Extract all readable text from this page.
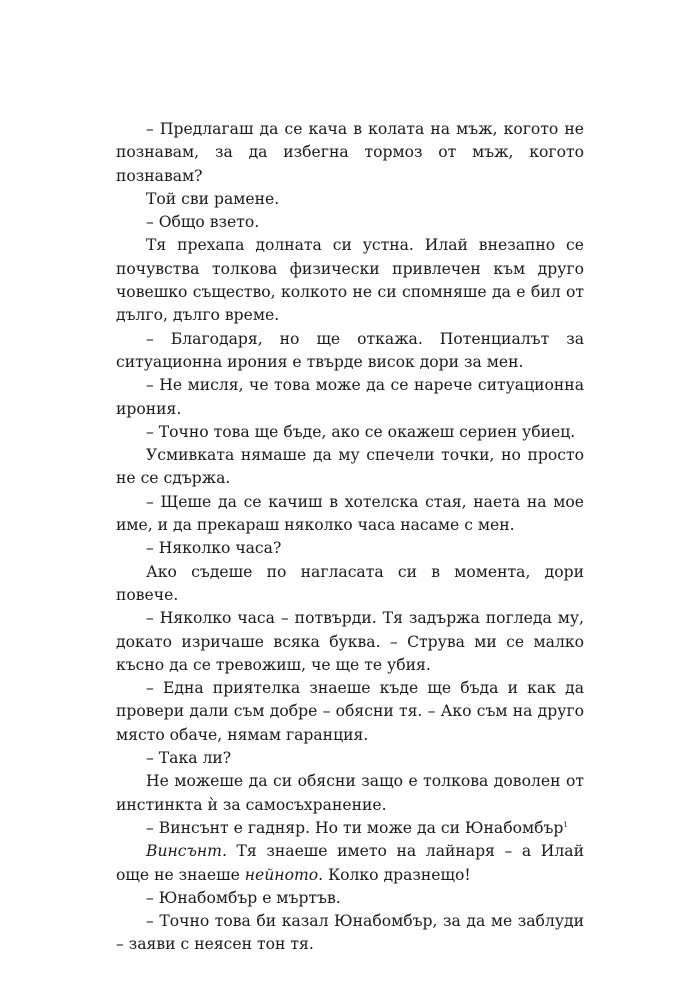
– Предлагаш да се кача в колата на мъж, когото не познавам, за да избегна тормоз от мъж, когото познавам?

Той сви рамене.

– Общо взето.

Тя прехапа долната си устна. Илай внезапно се почувства толкова физически привлечен към друго човешко същество, колкото не си спомняше да е бил от дълго, дълго време.

– Благодаря, но ще откажа. Потенциалът за ситуационна ирония е твърде висок дори за мен.

– Не мисля, че това може да се нарече ситуационна ирония.

– Точно това ще бъде, ако се окажеш сериен убиец.

Усмивката нямаше да му спечели точки, но просто не се сдържа.

– Щеше да се качиш в хотелска стая, наета на мое име, и да прекараш няколко часа насаме с мен.

– Няколко часа?

Ако съдеше по нагласата си в момента, дори повече.

– Няколко часа – потвърди. Тя задържа погледа му, докато изричаше всяка буква. – Струва ми се малко късно да се тревожиш, че ще те убия.

– Една приятелка знаеше къде ще бъда и как да провери дали съм добре – обясни тя. – Ако съм на друго място обаче, нямам гаранция.

– Така ли?

Не можеше да си обясни защо е толкова доволен от инстинкта ѝ за самосъхранение.

– Винсънт е гадняр. Но ти може да си Юнабомбър$^1$

Винсънт. Тя знаеше името на лайнаря – а Илай още не знаеше нейното. Колко дразнещо!

– Юнабомбър е мъртъв.

– Точно това би казал Юнабомбър, за да ме заблуди – заяви с неясен тон тя.
